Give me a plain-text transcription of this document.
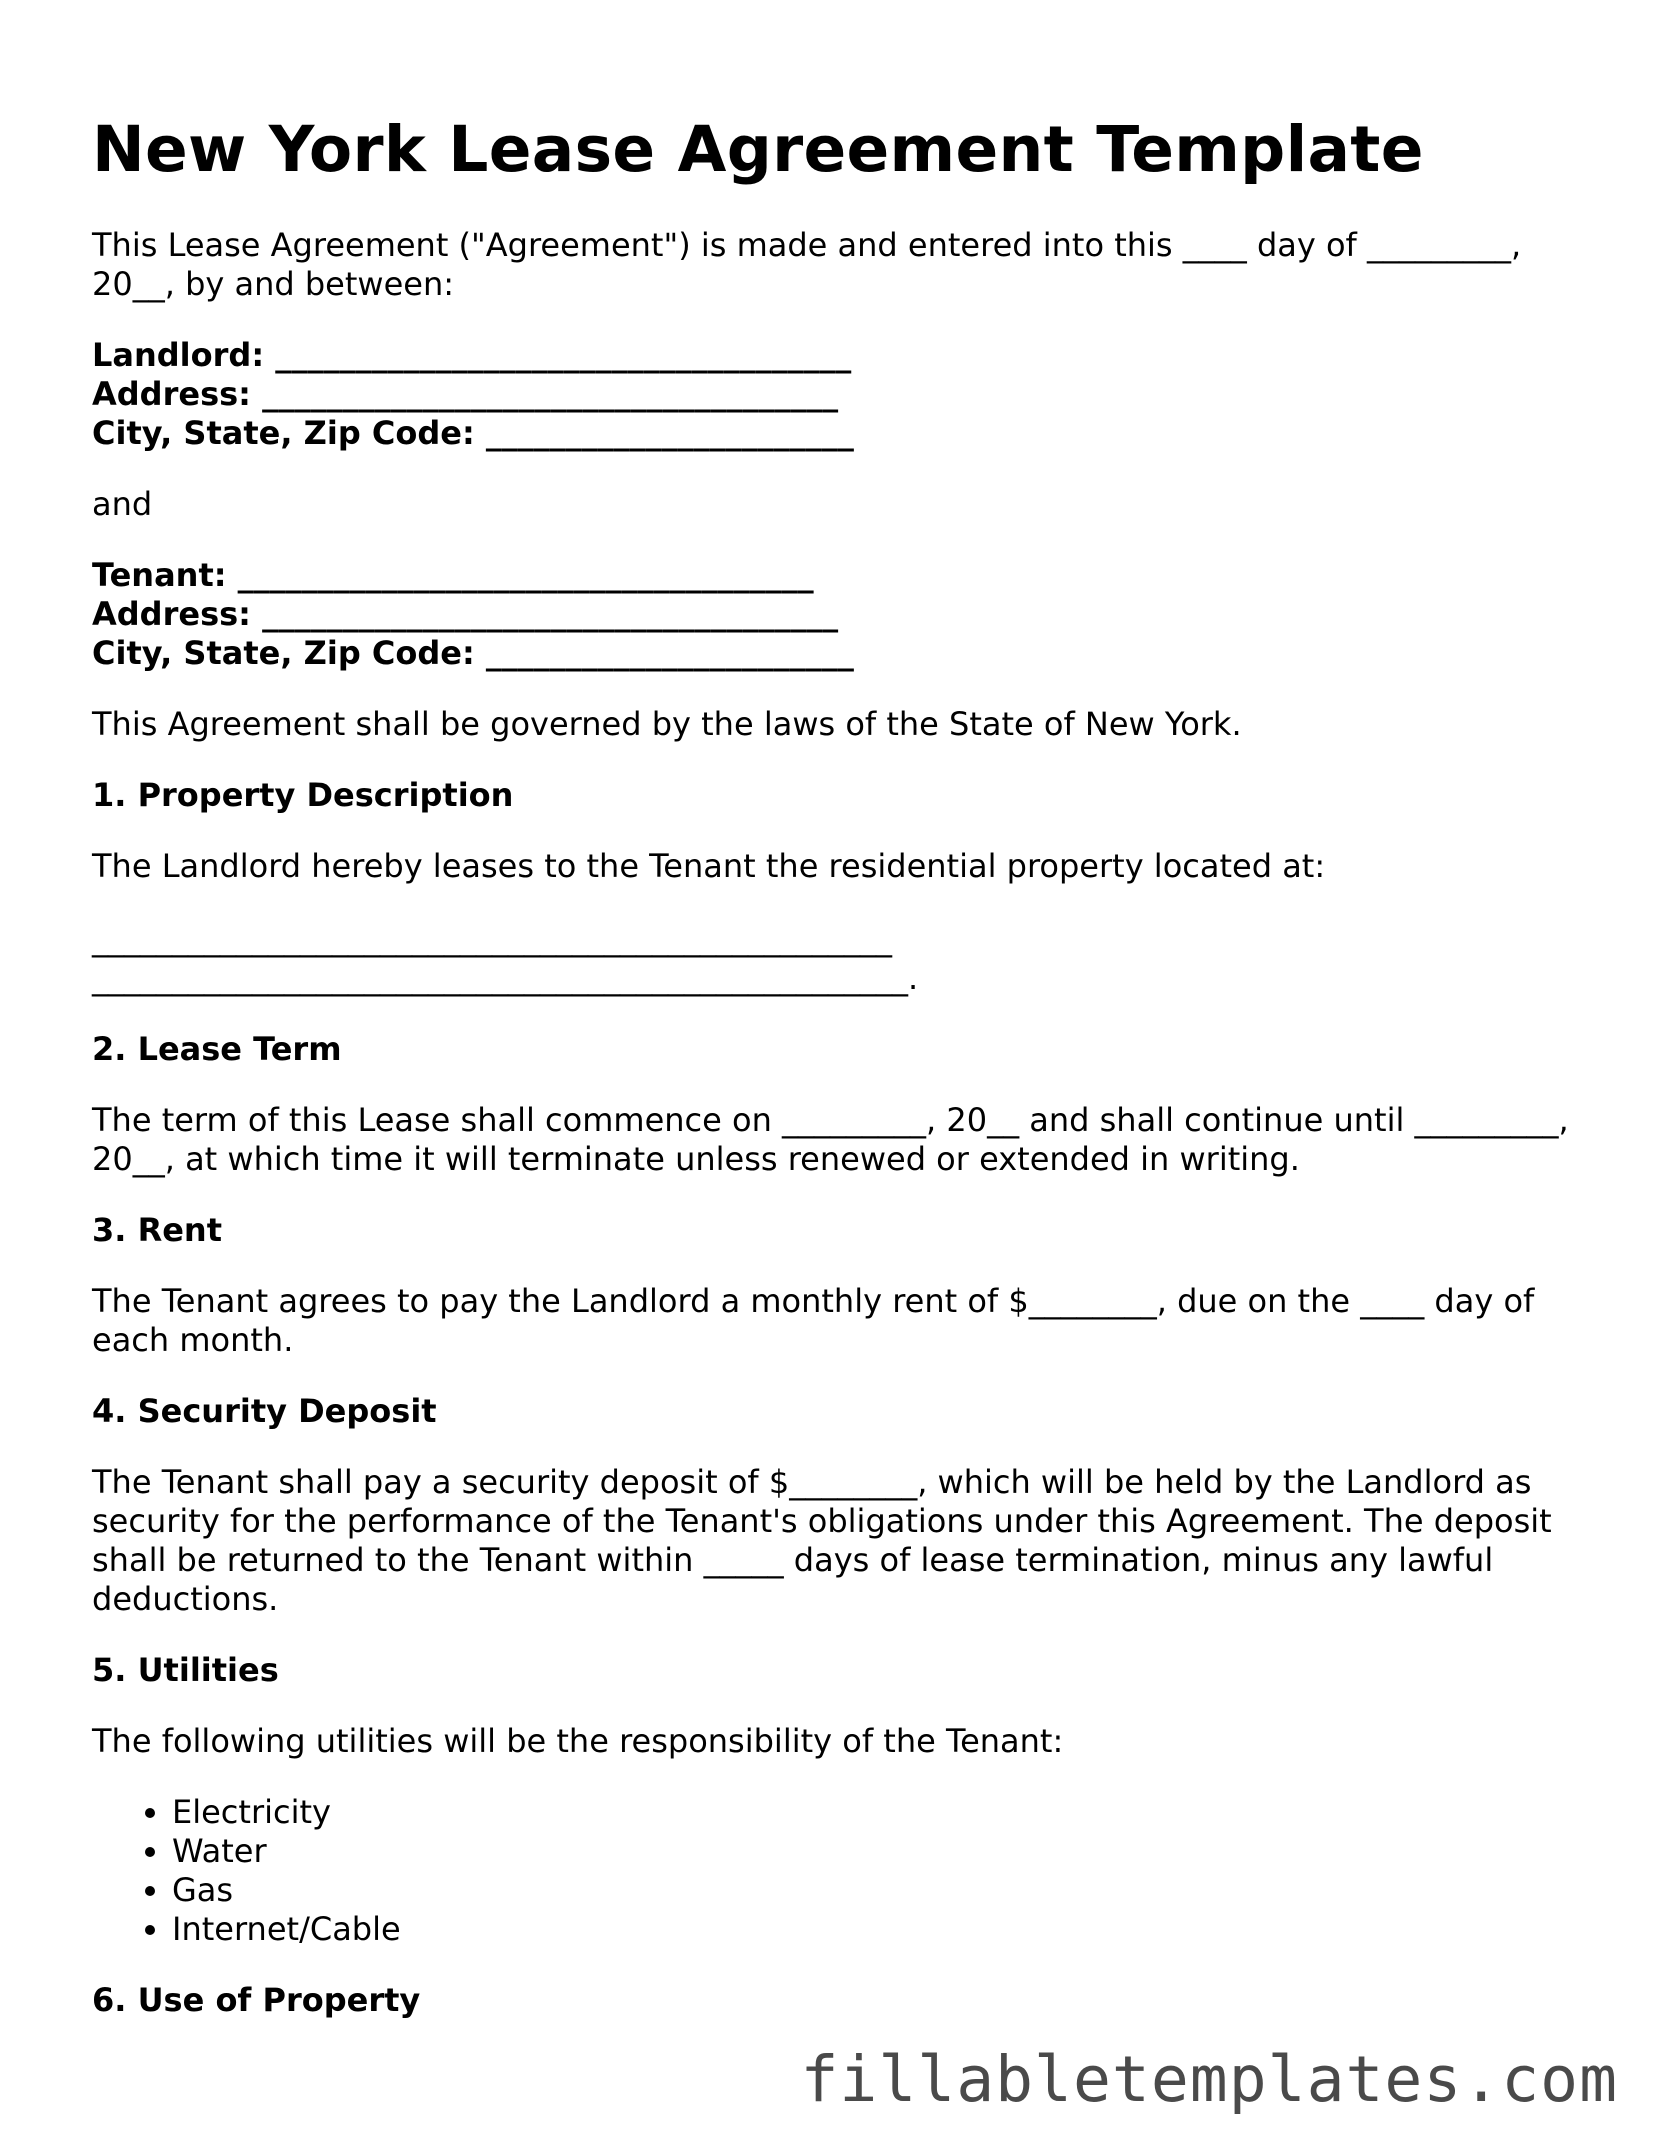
New York Lease Agreement Template

This Lease Agreement ("Agreement") is made and entered into this ____ day of _________, 20__, by and between:

Landlord: ____________________________________
Address: ____________________________________
City, State, Zip Code: _______________________

and

Tenant: ____________________________________
Address: ____________________________________
City, State, Zip Code: _______________________

This Agreement shall be governed by the laws of the State of New York.

1. Property Description

The Landlord hereby leases to the Tenant the residential property located at:

__________________________________________________
___________________________________________________.
2. Lease Term

The term of this Lease shall commence on _________, 20__ and shall continue until _________, 20__, at which time it will terminate unless renewed or extended in writing.

3. Rent

The Tenant agrees to pay the Landlord a monthly rent of $________, due on the ____ day of each month.

4. Security Deposit

The Tenant shall pay a security deposit of $________, which will be held by the Landlord as security for the performance of the Tenant's obligations under this Agreement. The deposit shall be returned to the Tenant within _____ days of lease termination, minus any lawful deductions.

5. Utilities

The following utilities will be the responsibility of the Tenant:

• Electricity
• Water
• Gas
• Internet/Cable
6. Use of Property
fillabletemplates.com
